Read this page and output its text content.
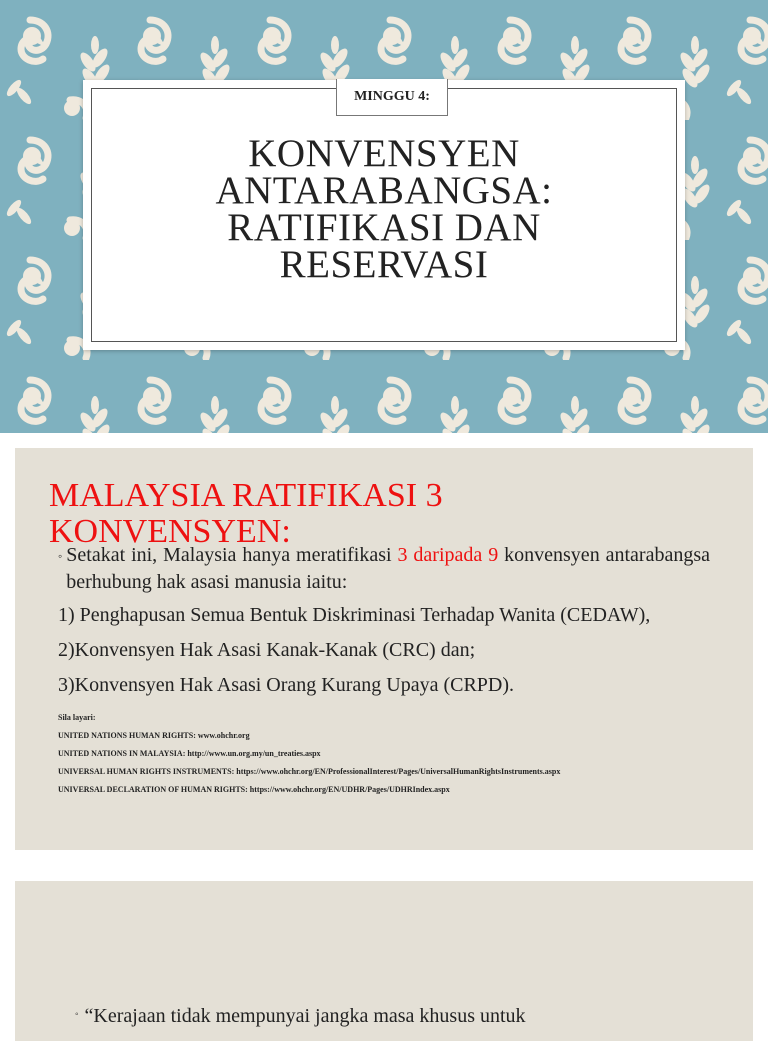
MINGGU 4:
KONVENSYEN
ANTARABANGSA:
RATIFIKASI DAN
RESERVASI
MALAYSIA RATIFIKASI 3 KONVENSYEN:
◦ Setakat ini, Malaysia hanya meratifikasi 3 daripada 9 konvensyen antarabangsa berhubung hak asasi manusia iaitu:
1) Penghapusan Semua Bentuk Diskriminasi Terhadap Wanita (CEDAW),
2)Konvensyen Hak Asasi Kanak-Kanak (CRC) dan;
3)Konvensyen Hak Asasi Orang Kurang Upaya (CRPD).
Sila layari:
UNITED NATIONS HUMAN RIGHTS: www.ohchr.org
UNITED NATIONS IN MALAYSIA: http://www.un.org.my/un_treaties.aspx
UNIVERSAL HUMAN RIGHTS INSTRUMENTS: https://www.ohchr.org/EN/ProfessionalInterest/Pages/UniversalHumanRightsInstruments.aspx
UNIVERSAL DECLARATION OF HUMAN RIGHTS: https://www.ohchr.org/EN/UDHR/Pages/UDHRIndex.aspx
◦ “Kerajaan tidak mempunyai jangka masa khusus untuk
